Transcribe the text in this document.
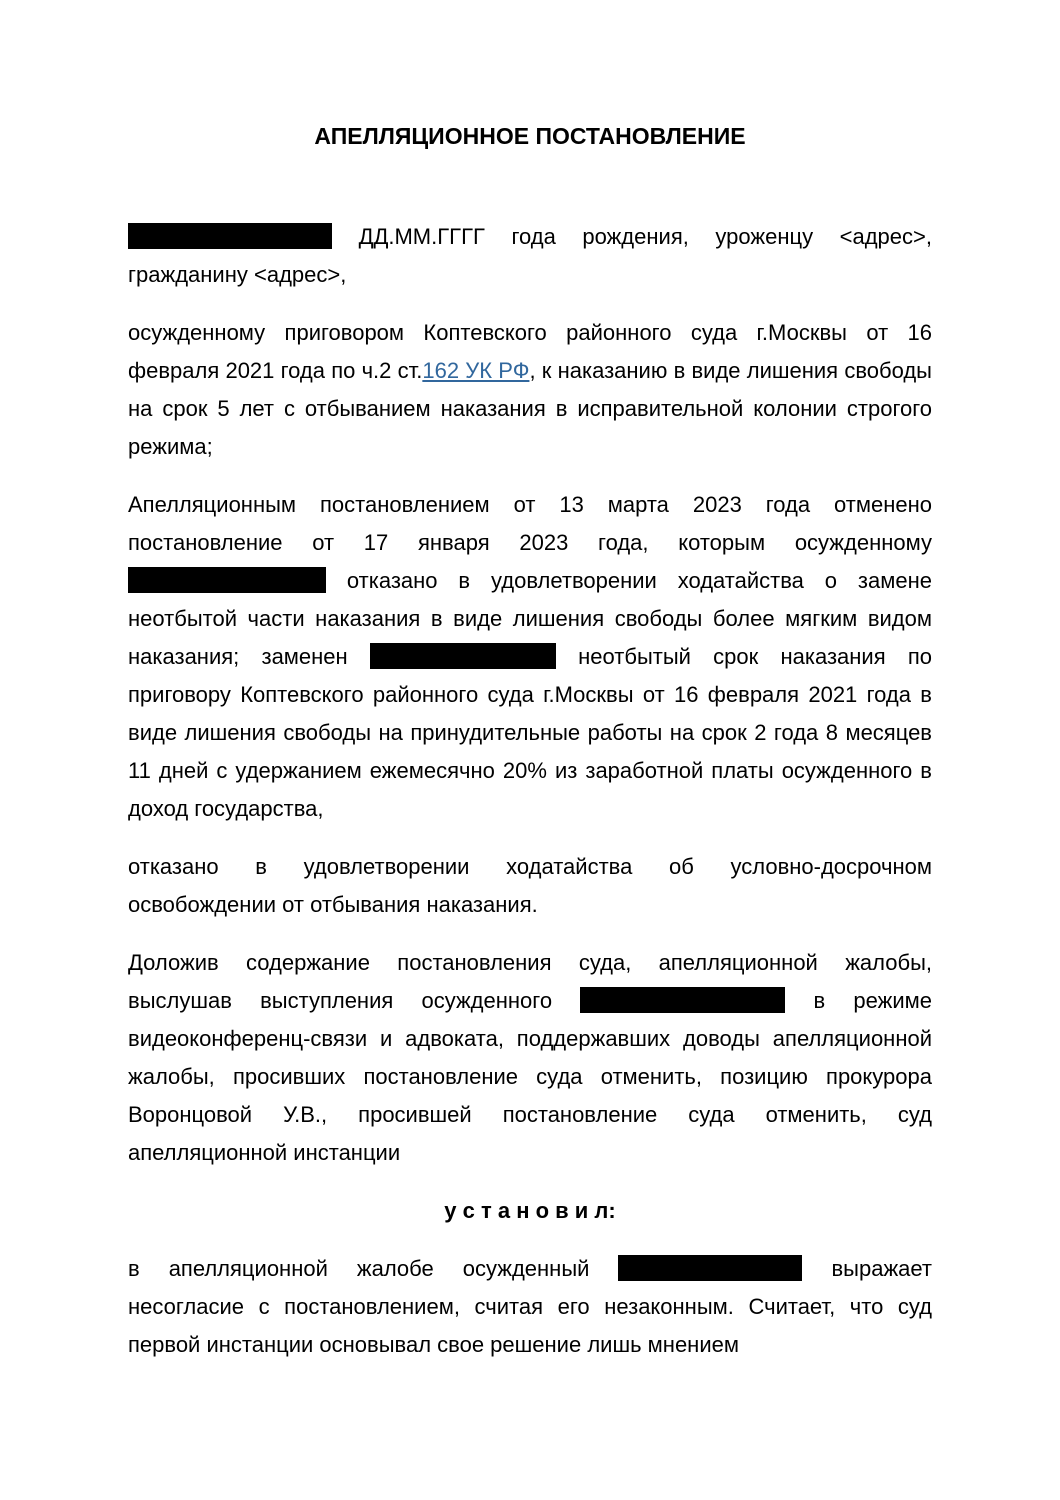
АПЕЛЛЯЦИОННОЕ ПОСТАНОВЛЕНИЕ

ДД.ММ.ГГГГ года рождения, уроженцу <адрес>, гражданину <адрес>,

осужденному приговором Коптевского районного суда г.Москвы от 16 февраля 2021 года по ч.2 ст.162 УК РФ, к наказанию в виде лишения свободы на срок 5 лет с отбыванием наказания в исправительной колонии строгого режима;

Апелляционным постановлением от 13 марта 2023 года отменено постановление от 17 января 2023 года, которым осужденному  отказано в удовлетворении ходатайства о замене неотбытой части наказания в виде лишения свободы более мягким видом наказания; заменен	неотбытый срок наказания по приговору Коптевского районного суда г.Москвы от 16 февраля 2021 года в виде лишения свободы на принудительные работы на срок 2 года 8 месяцев 11 дней с удержанием ежемесячно 20% из заработной платы осужденного в доход государства,

отказано в удовлетворении ходатайства об условно-досрочном освобождении от отбывания наказания.

Доложив содержание постановления суда, апелляционной жалобы, выслушав выступления осужденного	в режиме видеоконференц-связи и адвоката, поддержавших доводы апелляционной жалобы, просивших постановление суда отменить, позицию прокурора Воронцовой У.В., просившей постановление суда отменить, суд апелляционной инстанции

у с т а н о в и л:

в апелляционной жалобе осужденный	выражает несогласие с постановлением, считая его незаконным. Считает, что суд первой инстанции основывал свое решение лишь мнением
